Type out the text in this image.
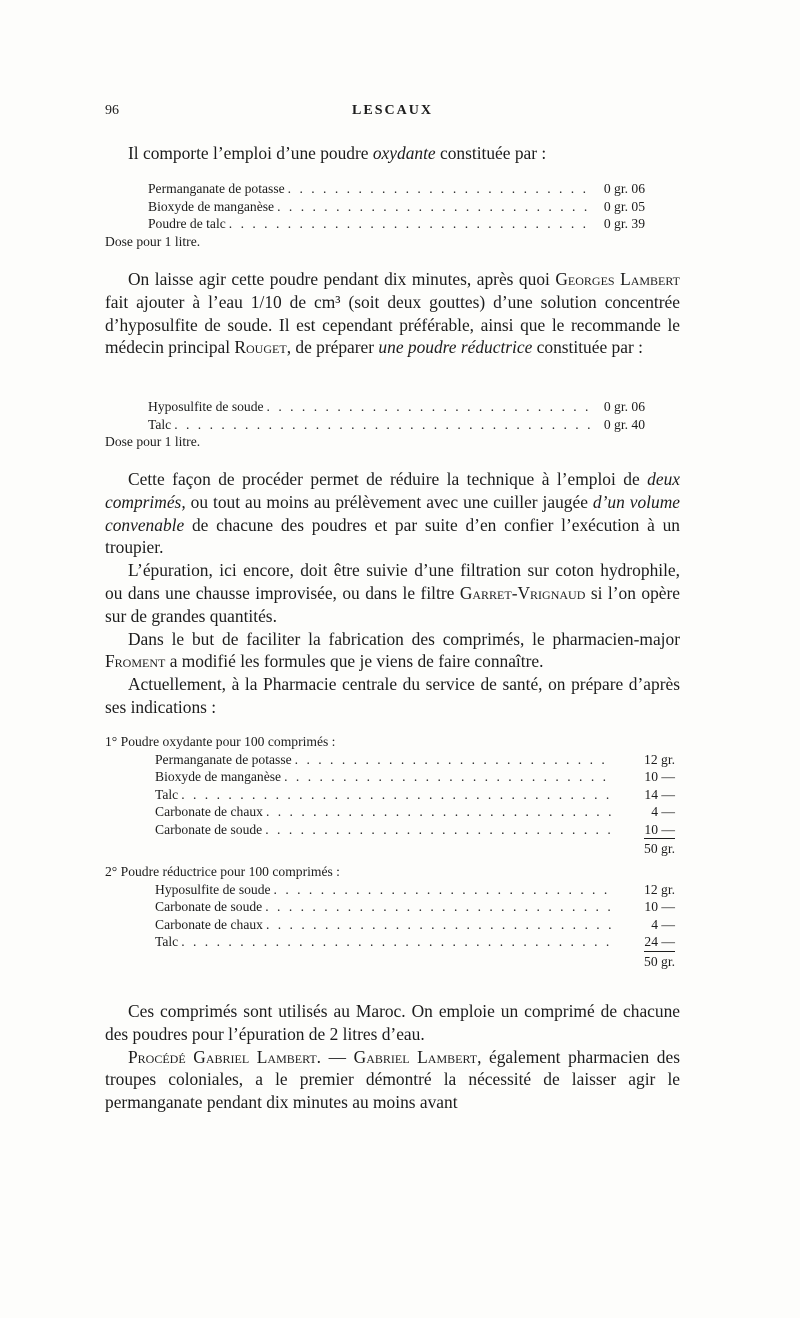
96	LESCAUX

Il comporte l’emploi d’une poudre oxydante constituée par :

Permanganate de potasse . . .	0 gr. 06
Bioxyde de manganèse . . .	0 gr. 05
Poudre de talc . . .	0 gr. 39
Dose pour 1 litre.

On laisse agir cette poudre pendant dix minutes, après quoi Georges Lambert fait ajouter à l’eau 1/10 de cm³ (soit deux gouttes) d’une solution concentrée d’hyposulfite de soude. Il est cependant préférable, ainsi que le recommande le médecin principal Rouget, de préparer une poudre réductrice constituée par :

Hyposulfite de soude . . .	0 gr. 06
Talc . . .	0 gr. 40
Dose pour 1 litre.

Cette façon de procéder permet de réduire la technique à l’emploi de deux comprimés, ou tout au moins au prélèvement avec une cuiller jaugée d’un volume convenable de chacune des poudres et par suite d’en confier l’exécution à un troupier.

L’épuration, ici encore, doit être suivie d’une filtration sur coton hydrophile, ou dans une chausse improvisée, ou dans le filtre Garret-Vrignaud si l’on opère sur de grandes quantités.

Dans le but de faciliter la fabrication des comprimés, le pharmacien-major Froment a modifié les formules que je viens de faire connaître.

Actuellement, à la Pharmacie centrale du service de santé, on prépare d’après ses indications :

1° Poudre oxydante pour 100 comprimés :
Permanganate de potasse . . .	12 gr.
Bioxyde de manganèse . . .	10 —
Talc . . .	14 —
Carbonate de chaux . . .	4 —
Carbonate de soude . . .	10 —
50 gr.
2° Poudre réductrice pour 100 comprimés :
Hyposulfite de soude . . .	12 gr.
Carbonate de soude . . .	10 —
Carbonate de chaux . . .	4 —
Talc . . .	24 —
50 gr.

Ces comprimés sont utilisés au Maroc. On emploie un comprimé de chacune des poudres pour l’épuration de 2 litres d’eau.

Procédé Gabriel Lambert. — Gabriel Lambert, également pharmacien des troupes coloniales, a le premier démontré la nécessité de laisser agir le permanganate pendant dix minutes au moins avant
